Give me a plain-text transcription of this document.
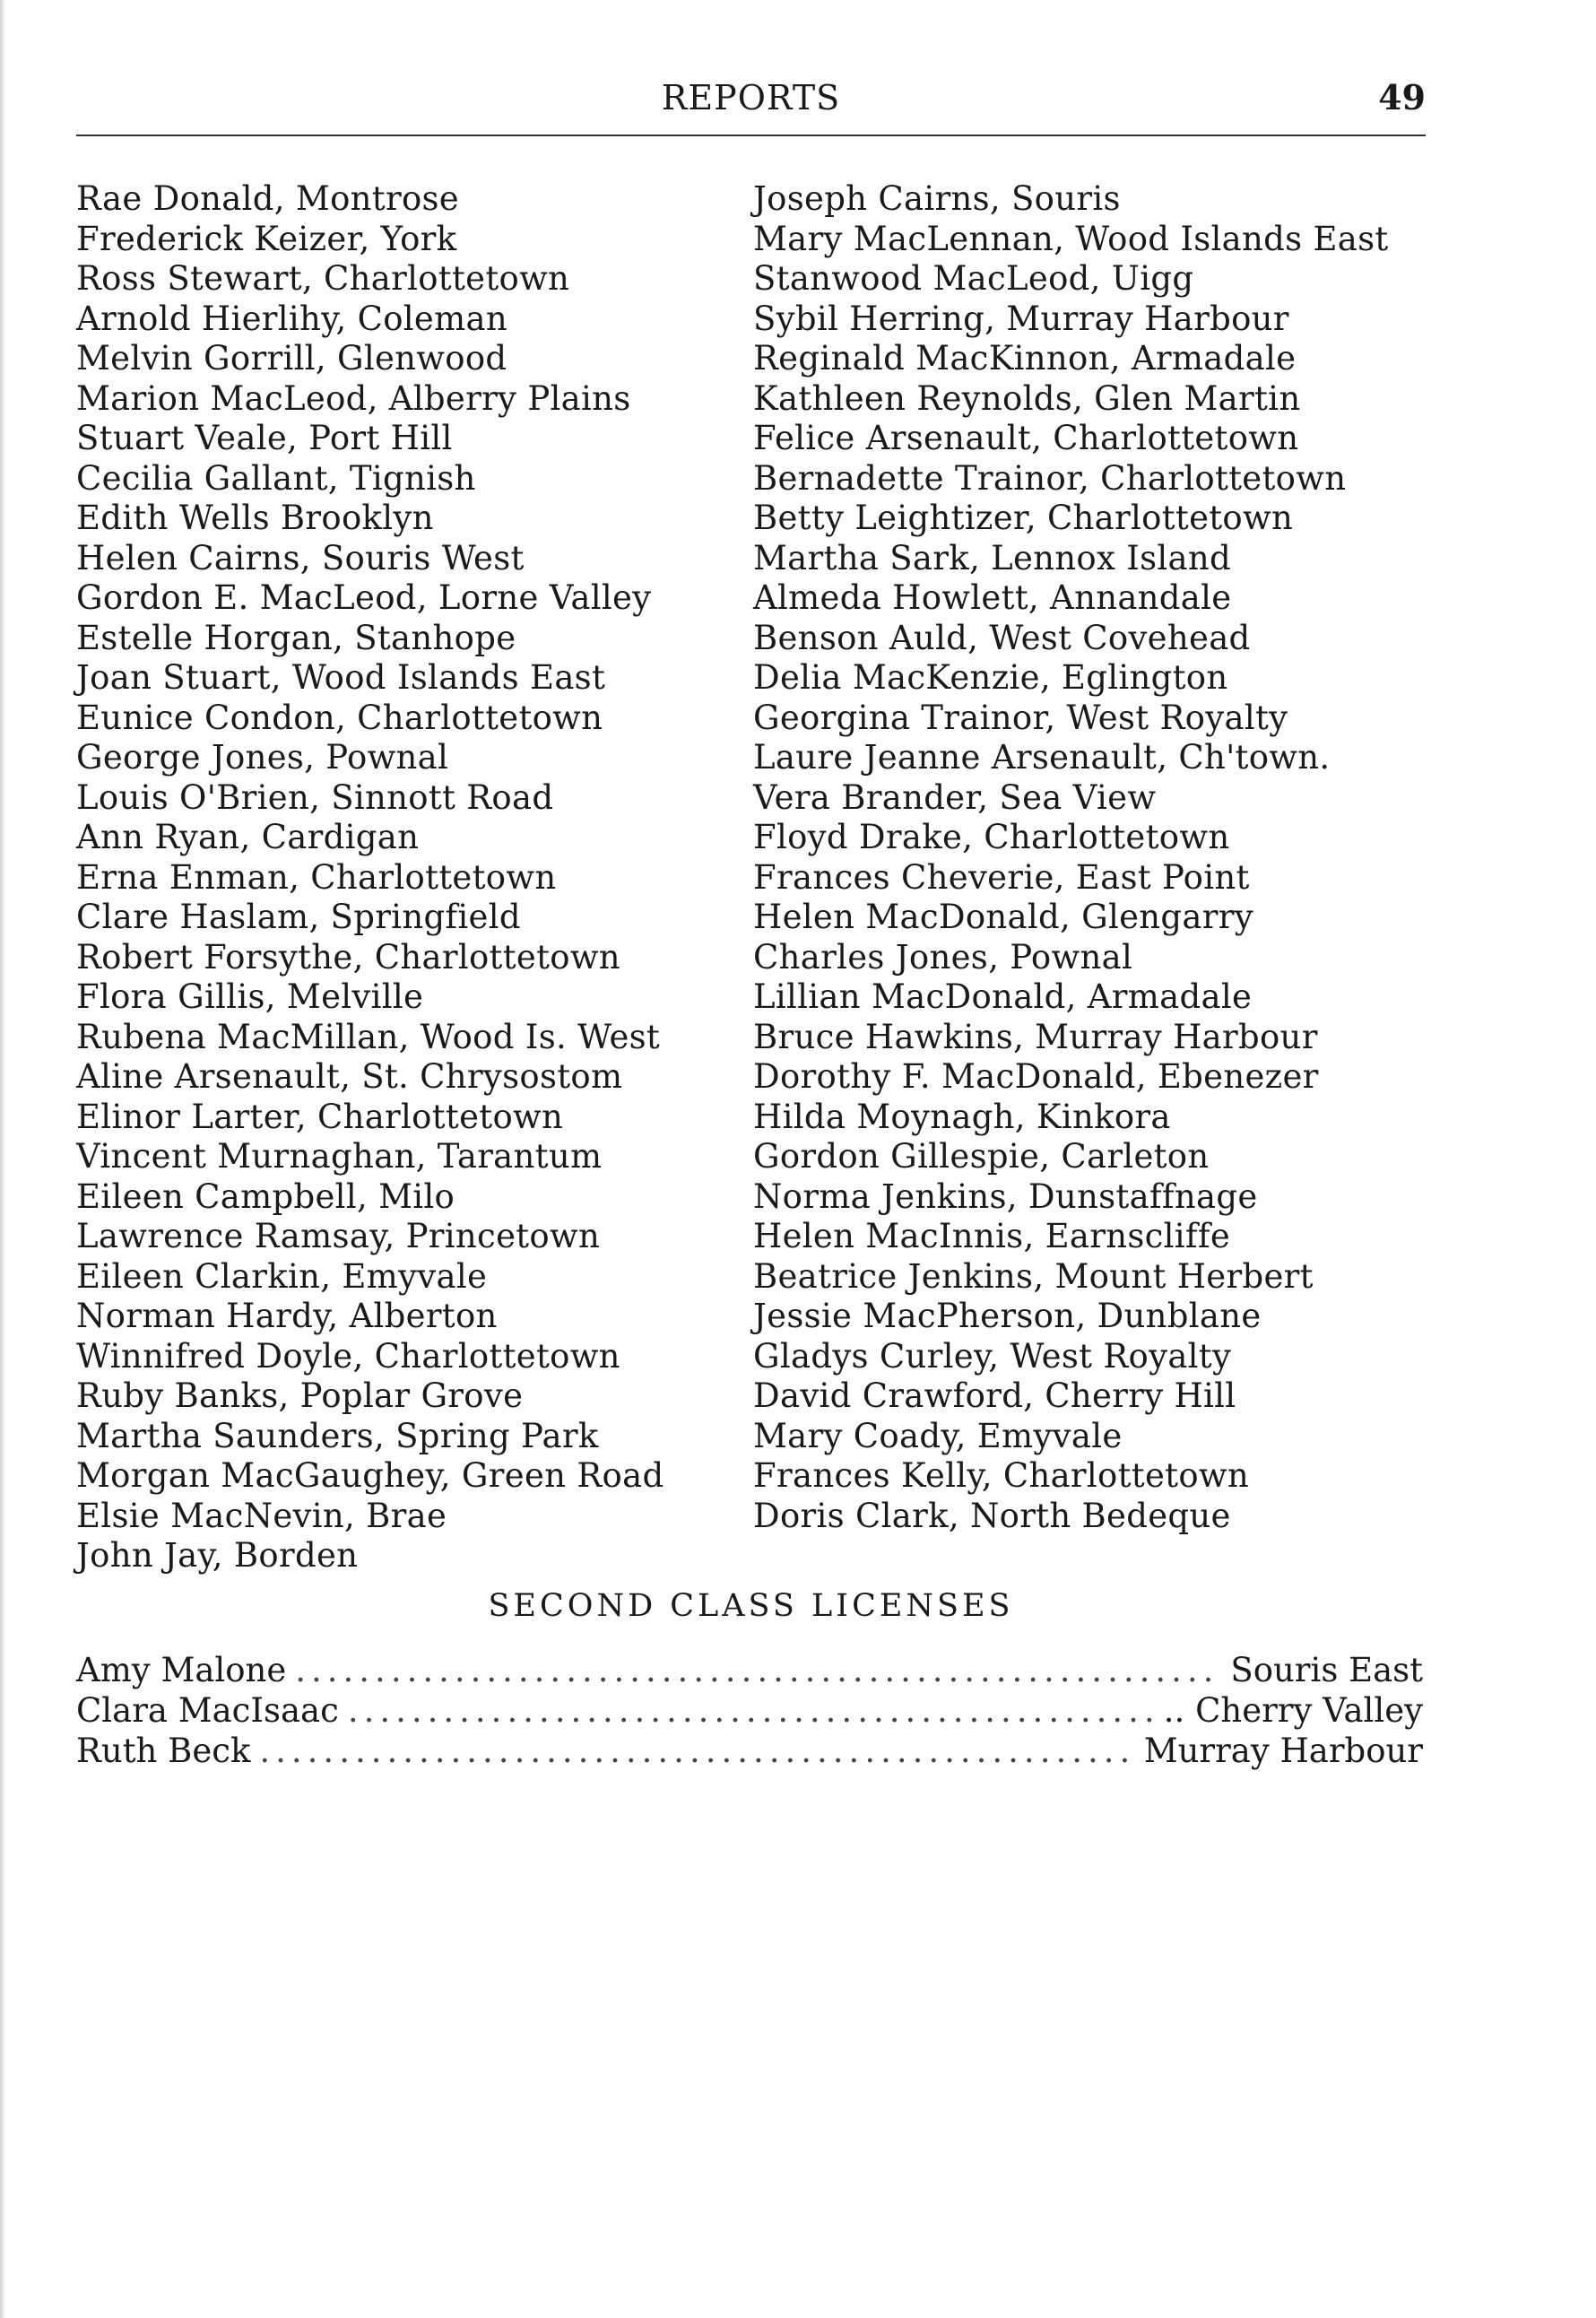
REPORTS	49
Rae Donald, Montrose
Frederick Keizer, York
Ross Stewart, Charlottetown
Arnold Hierlihy, Coleman
Melvin Gorrill, Glenwood
Marion MacLeod, Alberry Plains
Stuart Veale, Port Hill
Cecilia Gallant, Tignish
Edith Wells Brooklyn
Helen Cairns, Souris West
Gordon E. MacLeod, Lorne Valley
Estelle Horgan, Stanhope
Joan Stuart, Wood Islands East
Eunice Condon, Charlottetown
George Jones, Pownal
Louis O'Brien, Sinnott Road
Ann Ryan, Cardigan
Erna Enman, Charlottetown
Clare Haslam, Springfield
Robert Forsythe, Charlottetown
Flora Gillis, Melville
Rubena MacMillan, Wood Is. West
Aline Arsenault, St. Chrysostom
Elinor Larter, Charlottetown
Vincent Murnaghan, Tarantum
Eileen Campbell, Milo
Lawrence Ramsay, Princetown
Eileen Clarkin, Emyvale
Norman Hardy, Alberton
Winnifred Doyle, Charlottetown
Ruby Banks, Poplar Grove
Martha Saunders, Spring Park
Morgan MacGaughey, Green Road
Elsie MacNevin, Brae
John Jay, Borden
Joseph Cairns, Souris
Mary MacLennan, Wood Islands East
Stanwood MacLeod, Uigg
Sybil Herring, Murray Harbour
Reginald MacKinnon, Armadale
Kathleen Reynolds, Glen Martin
Felice Arsenault, Charlottetown
Bernadette Trainor, Charlottetown
Betty Leightizer, Charlottetown
Martha Sark, Lennox Island
Almeda Howlett, Annandale
Benson Auld, West Covehead
Delia MacKenzie, Eglington
Georgina Trainor, West Royalty
Laure Jeanne Arsenault, Ch'town.
Vera Brander, Sea View
Floyd Drake, Charlottetown
Frances Cheverie, East Point
Helen MacDonald, Glengarry
Charles Jones, Pownal
Lillian MacDonald, Armadale
Bruce Hawkins, Murray Harbour
Dorothy F. MacDonald, Ebenezer
Hilda Moynagh, Kinkora
Gordon Gillespie, Carleton
Norma Jenkins, Dunstaffnage
Helen MacInnis, Earnscliffe
Beatrice Jenkins, Mount Herbert
Jessie MacPherson, Dunblane
Gladys Curley, West Royalty
David Crawford, Cherry Hill
Mary Coady, Emyvale
Frances Kelly, Charlottetown
Doris Clark, North Bedeque
SECOND CLASS LICENSES
Amy Malone .....	Souris East
Clara MacIsaac .....	.. Cherry Valley
Ruth Beck .....	Murray Harbour
